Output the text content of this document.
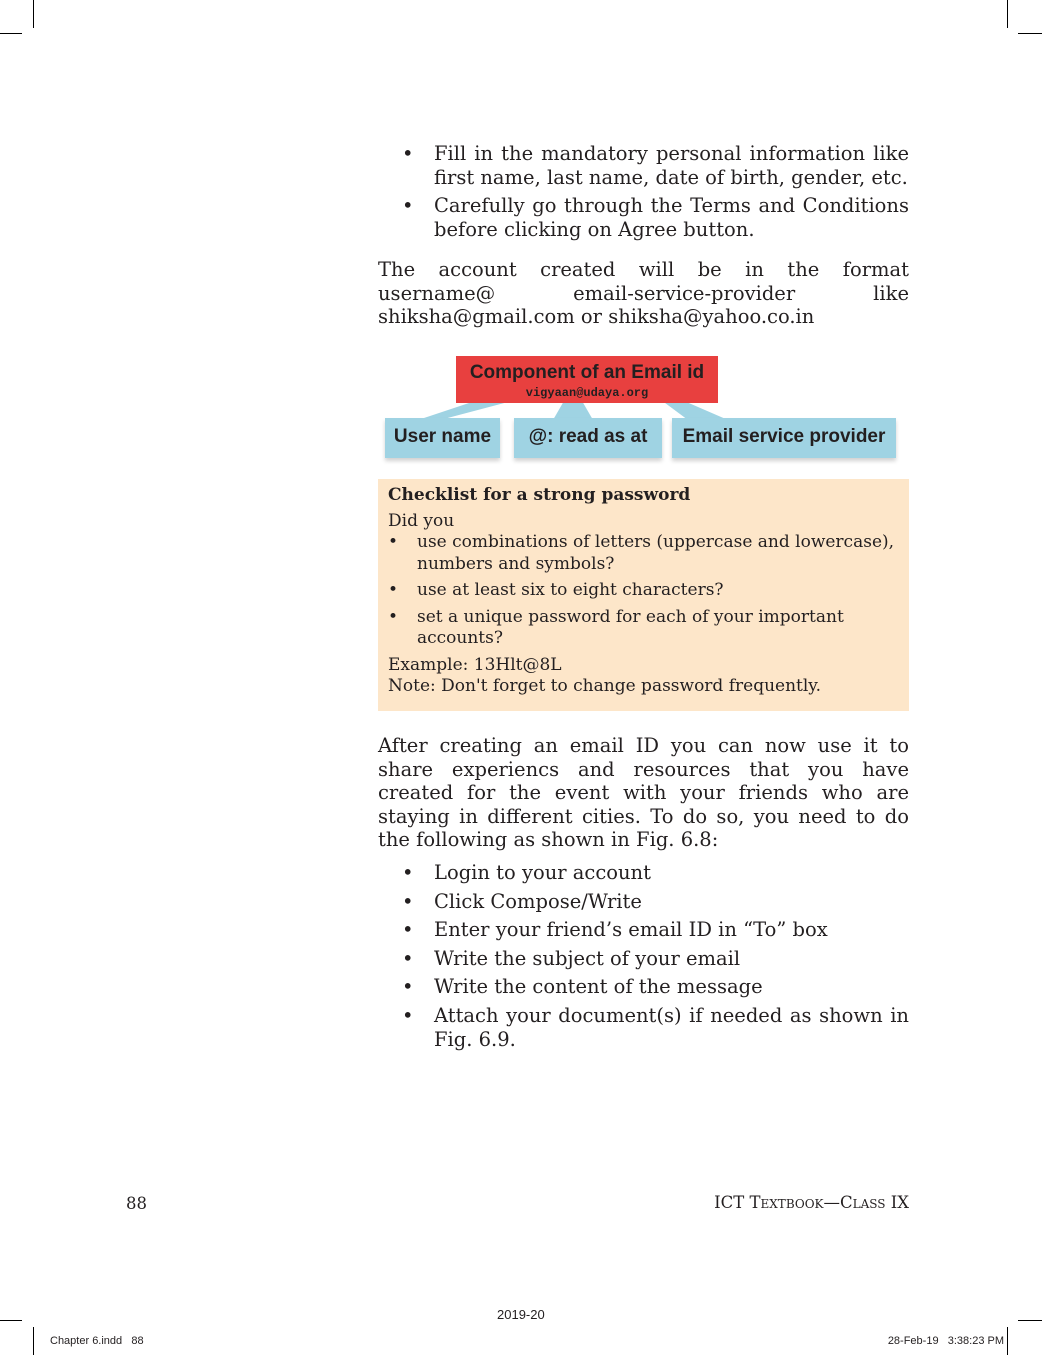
• Fill in the mandatory personal information like first name, last name, date of birth, gender, etc.
• Carefully go through the Terms and Conditions before clicking on Agree button.

The account created will be in the format username@ email-service-provider like shiksha@gmail.com or shiksha@yahoo.co.in

Component of an Email id
vigyaan@udaya.org
User name	@: read as at	Email service provider

Checklist for a strong password

Did you

• use combinations of letters (uppercase and lowercase), numbers and symbols?
• use at least six to eight characters?
• set a unique password for each of your important accounts?

Example: 13Hlt@8L

Note: Don't forget to change password frequently.

After creating an email ID you can now use it to share experiencs and resources that you have created for the event with your friends who are staying in different cities. To do so, you need to do the following as shown in Fig. 6.8:

• Login to your account
• Click Compose/Write
• Enter your friend’s email ID in “To” box
• Write the subject of your email
• Write the content of the message
• Attach your document(s) if needed as shown in Fig. 6.9.
88	ICT Textbook—Class IX
2019-20
Chapter 6.indd   88	28-Feb-19   3:38:23 PM
